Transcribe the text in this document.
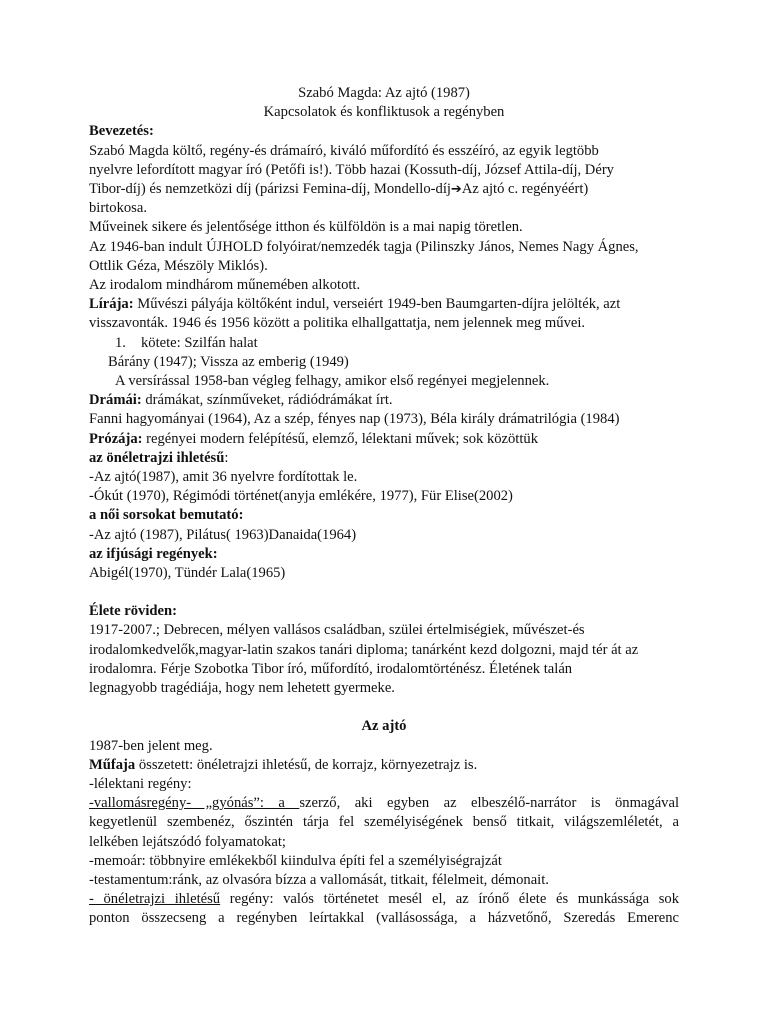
Szabó Magda: Az ajtó (1987)
Kapcsolatok és konfliktusok a regényben
Bevezetés:
Szabó Magda költő, regény-és drámaíró, kiváló műfordító és esszéíró, az egyik legtöbb
nyelvre lefordított magyar író (Petőfi is!). Több hazai (Kossuth-díj, József Attila-díj, Déry
Tibor-díj) és nemzetközi díj (párizsi Femina-díj, Mondello-díj➔Az ajtó c. regényéért)
birtokosa.
Műveinek sikere és jelentősége itthon és külföldön is a mai napig töretlen.
Az 1946-ban indult ÚJHOLD folyóirat/nemzedék tagja (Pilinszky János, Nemes Nagy Ágnes,
Ottlik Géza, Mészöly Miklós).
Az irodalom mindhárom műnemében alkotott.
Lírája: Művészi pályája költőként indul, verseiért 1949-ben Baumgarten-díjra jelölték, azt
visszavonták. 1946 és 1956 között a politika elhallgattatja, nem jelennek meg művei.
1. kötete: Szilfán halat
Bárány (1947); Vissza az emberig (1949)
A versírással 1958-ban végleg felhagy, amikor első regényei megjelennek.
Drámái: drámákat, színműveket, rádiódrámákat írt.
Fanni hagyományai (1964), Az a szép, fényes nap (1973), Béla király drámatrilógia (1984)
Prózája: regényei modern felépítésű, elemző, lélektani művek; sok közöttük
az önéletrajzi ihletésű:
-Az ajtó(1987), amit 36 nyelvre fordítottak le.
-Ókút (1970), Régimódi történet(anyja emlékére, 1977), Für Elise(2002)
a női sorsokat bemutató:
-Az ajtó (1987), Pilátus( 1963)Danaida(1964)
az ifjúsági regények:
Abigél(1970), Tündér Lala(1965)
Élete röviden:
1917-2007.; Debrecen, mélyen vallásos családban, szülei értelmiségiek, művészet-és
irodalomkedvelők,magyar-latin szakos tanári diploma; tanárként kezd dolgozni, majd tér át az
irodalomra. Férje Szobotka Tibor író, műfordító, irodalomtörténész. Életének talán
legnagyobb tragédiája, hogy nem lehetett gyermeke.
Az ajtó
1987-ben jelent meg.
Műfaja összetett: önéletrajzi ihletésű, de korrajz, környezetrajz is.
-lélektani regény:
-vallomásregény- „gyónás”: a szerző, aki egyben az elbeszélő-narrátor is önmagával
kegyetlenül szembenéz, őszintén tárja fel személyiségének benső titkait, világszemléletét, a
lelkében lejátszódó folyamatokat;
-memoár: többnyire emlékekből kiindulva építi fel a személyiségrajzát
-testamentum:ránk, az olvasóra bízza a vallomását, titkait, félelmeit, démonait.
- önéletrajzi ihletésű regény: valós történetet mesél el, az írónő élete és munkássága sok
ponton összecseng a regényben leírtakkal (vallásossága, a házvetőnő, Szeredás Emerenc
